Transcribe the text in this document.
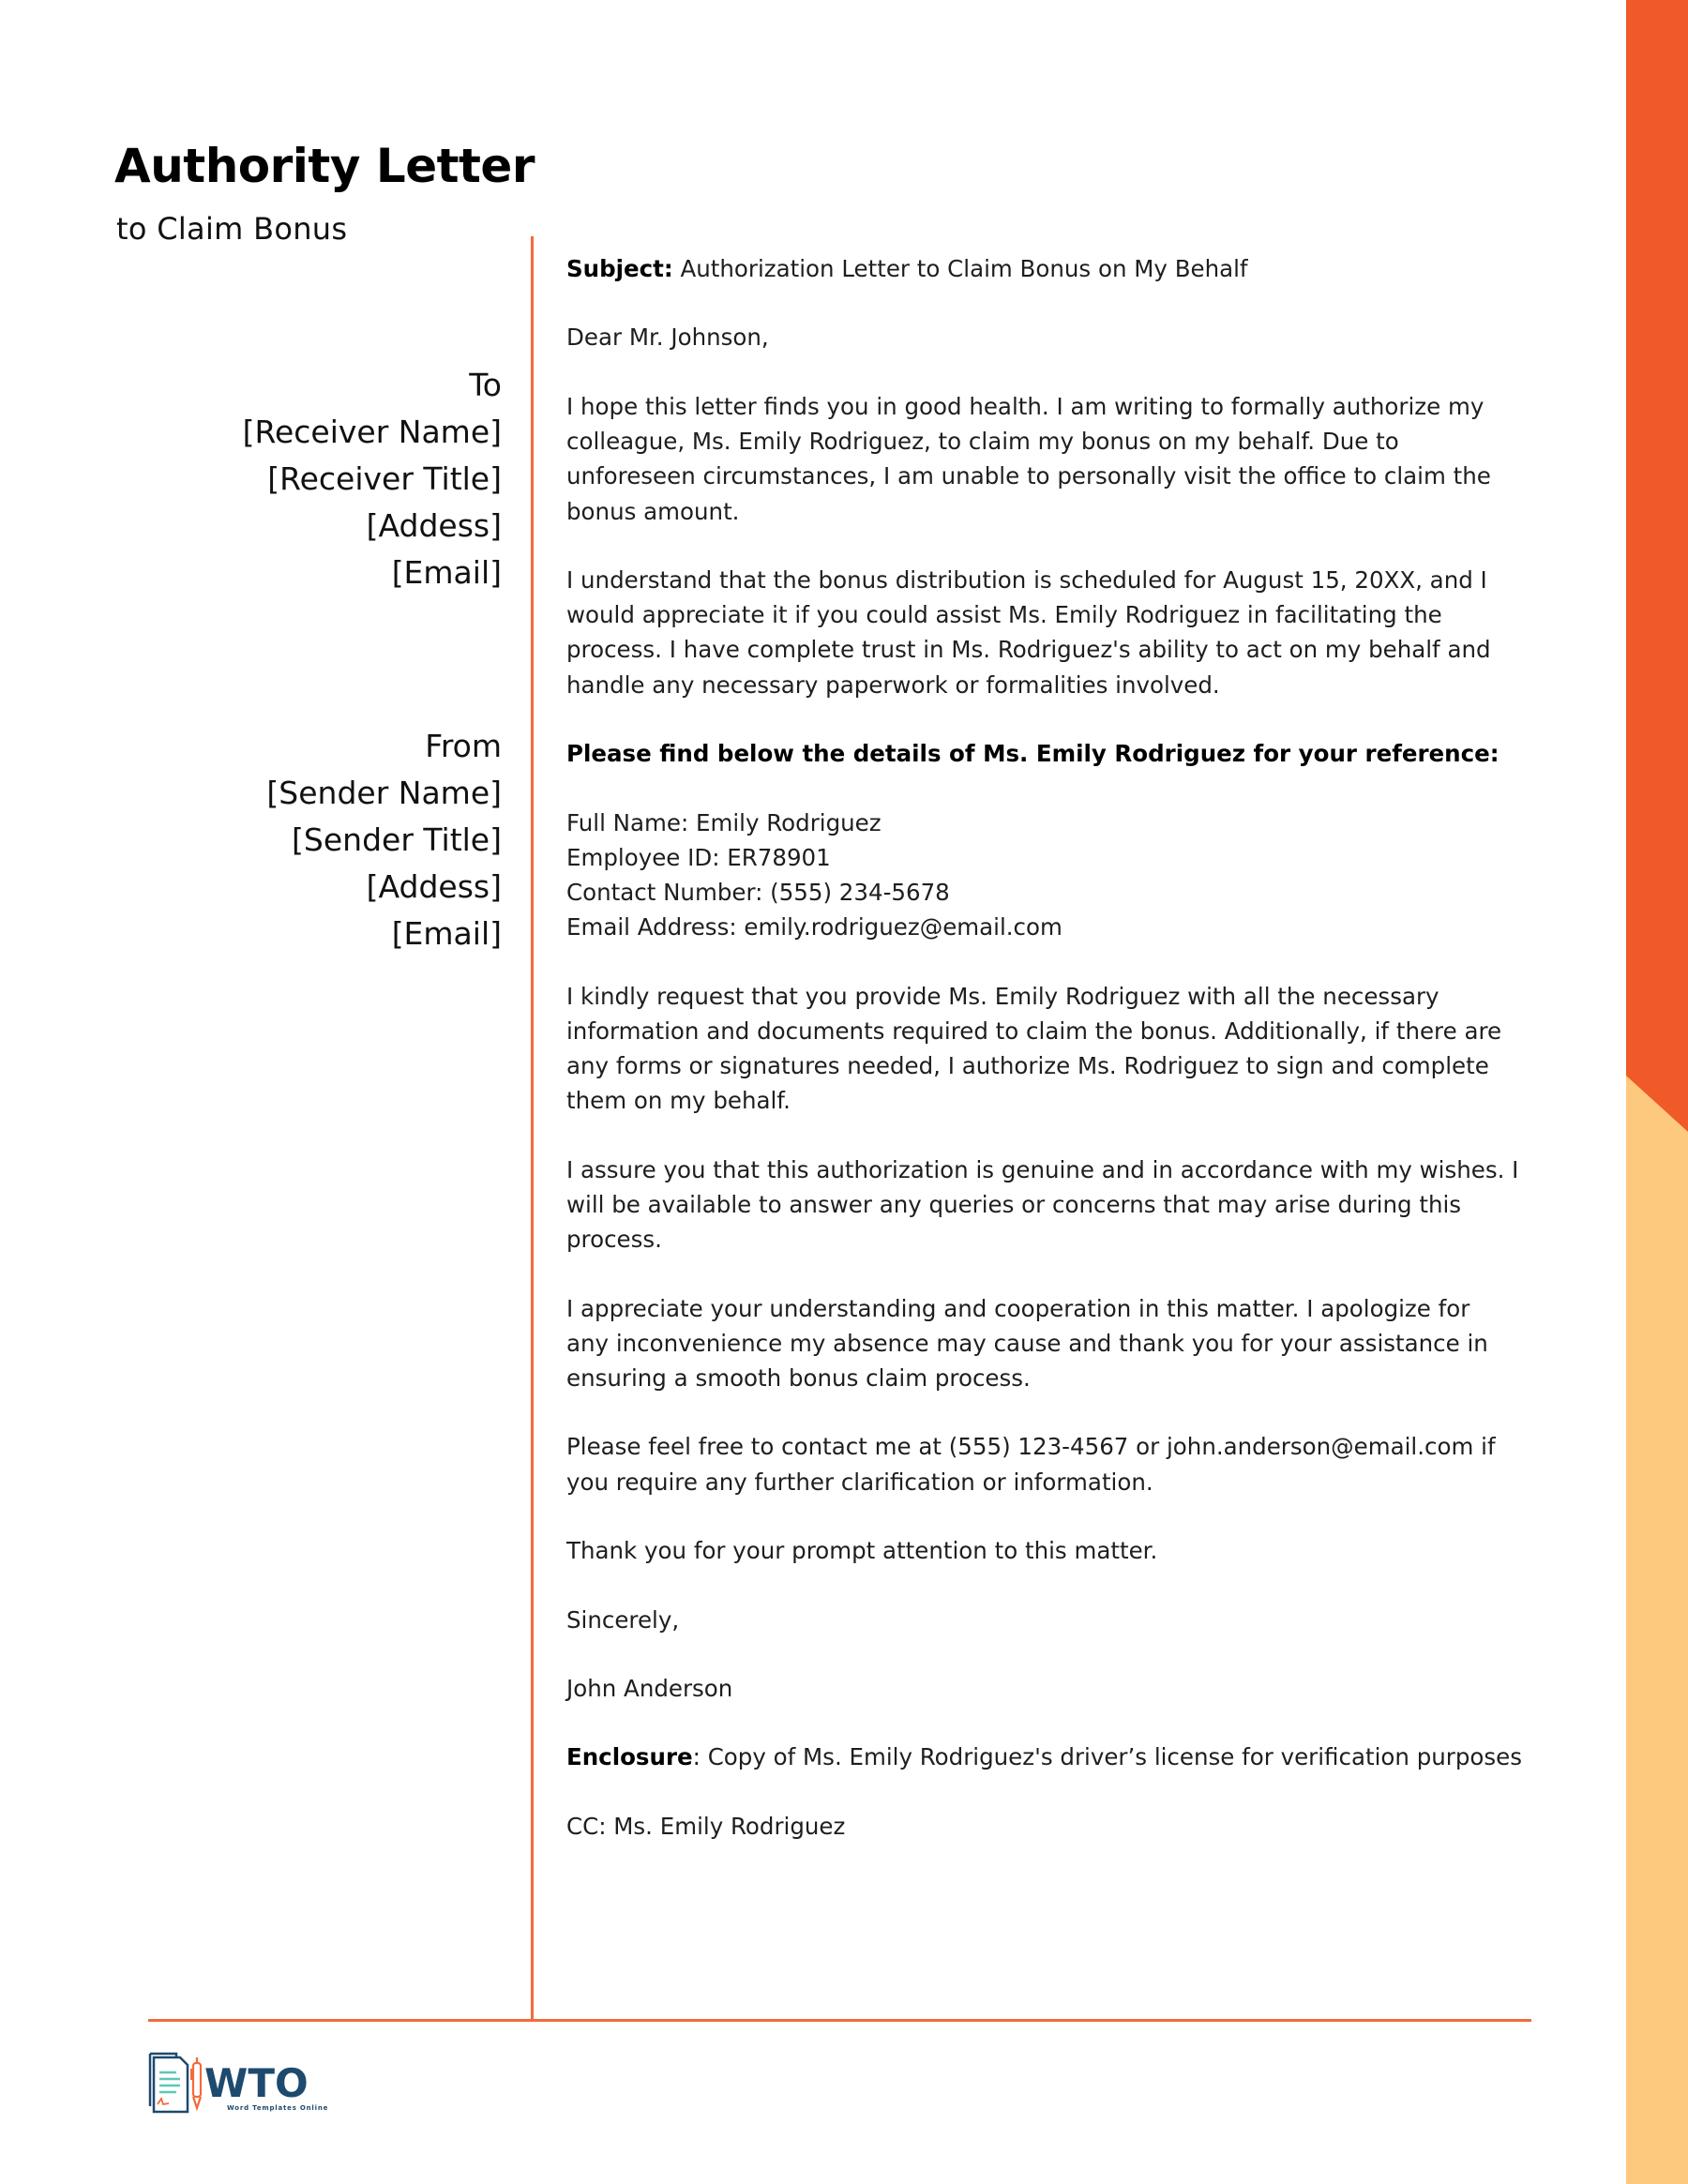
Authority Letter
to Claim Bonus
To
[Receiver Name]
[Receiver Title]
[Addess]
[Email]
From
[Sender Name]
[Sender Title]
[Addess]
[Email]
Subject: Authorization Letter to Claim Bonus on My Behalf
Dear Mr. Johnson,
I hope this letter finds you in good health. I am writing to formally authorize my
colleague, Ms. Emily Rodriguez, to claim my bonus on my behalf. Due to
unforeseen circumstances, I am unable to personally visit the office to claim the
bonus amount.
I understand that the bonus distribution is scheduled for August 15, 20XX, and I
would appreciate it if you could assist Ms. Emily Rodriguez in facilitating the
process. I have complete trust in Ms. Rodriguez's ability to act on my behalf and
handle any necessary paperwork or formalities involved.
Please find below the details of Ms. Emily Rodriguez for your reference:
Full Name: Emily Rodriguez
Employee ID: ER78901
Contact Number: (555) 234-5678
Email Address: emily.rodriguez@email.com
I kindly request that you provide Ms. Emily Rodriguez with all the necessary
information and documents required to claim the bonus. Additionally, if there are
any forms or signatures needed, I authorize Ms. Rodriguez to sign and complete
them on my behalf.
I assure you that this authorization is genuine and in accordance with my wishes. I
will be available to answer any queries or concerns that may arise during this
process.
I appreciate your understanding and cooperation in this matter. I apologize for
any inconvenience my absence may cause and thank you for your assistance in
ensuring a smooth bonus claim process.
Please feel free to contact me at (555) 123-4567 or john.anderson@email.com if
you require any further clarification or information.
Thank you for your prompt attention to this matter.
Sincerely,
John Anderson
Enclosure: Copy of Ms. Emily Rodriguez's driver’s license for verification purposes
CC: Ms. Emily Rodriguez
WTO
Word Templates Online
